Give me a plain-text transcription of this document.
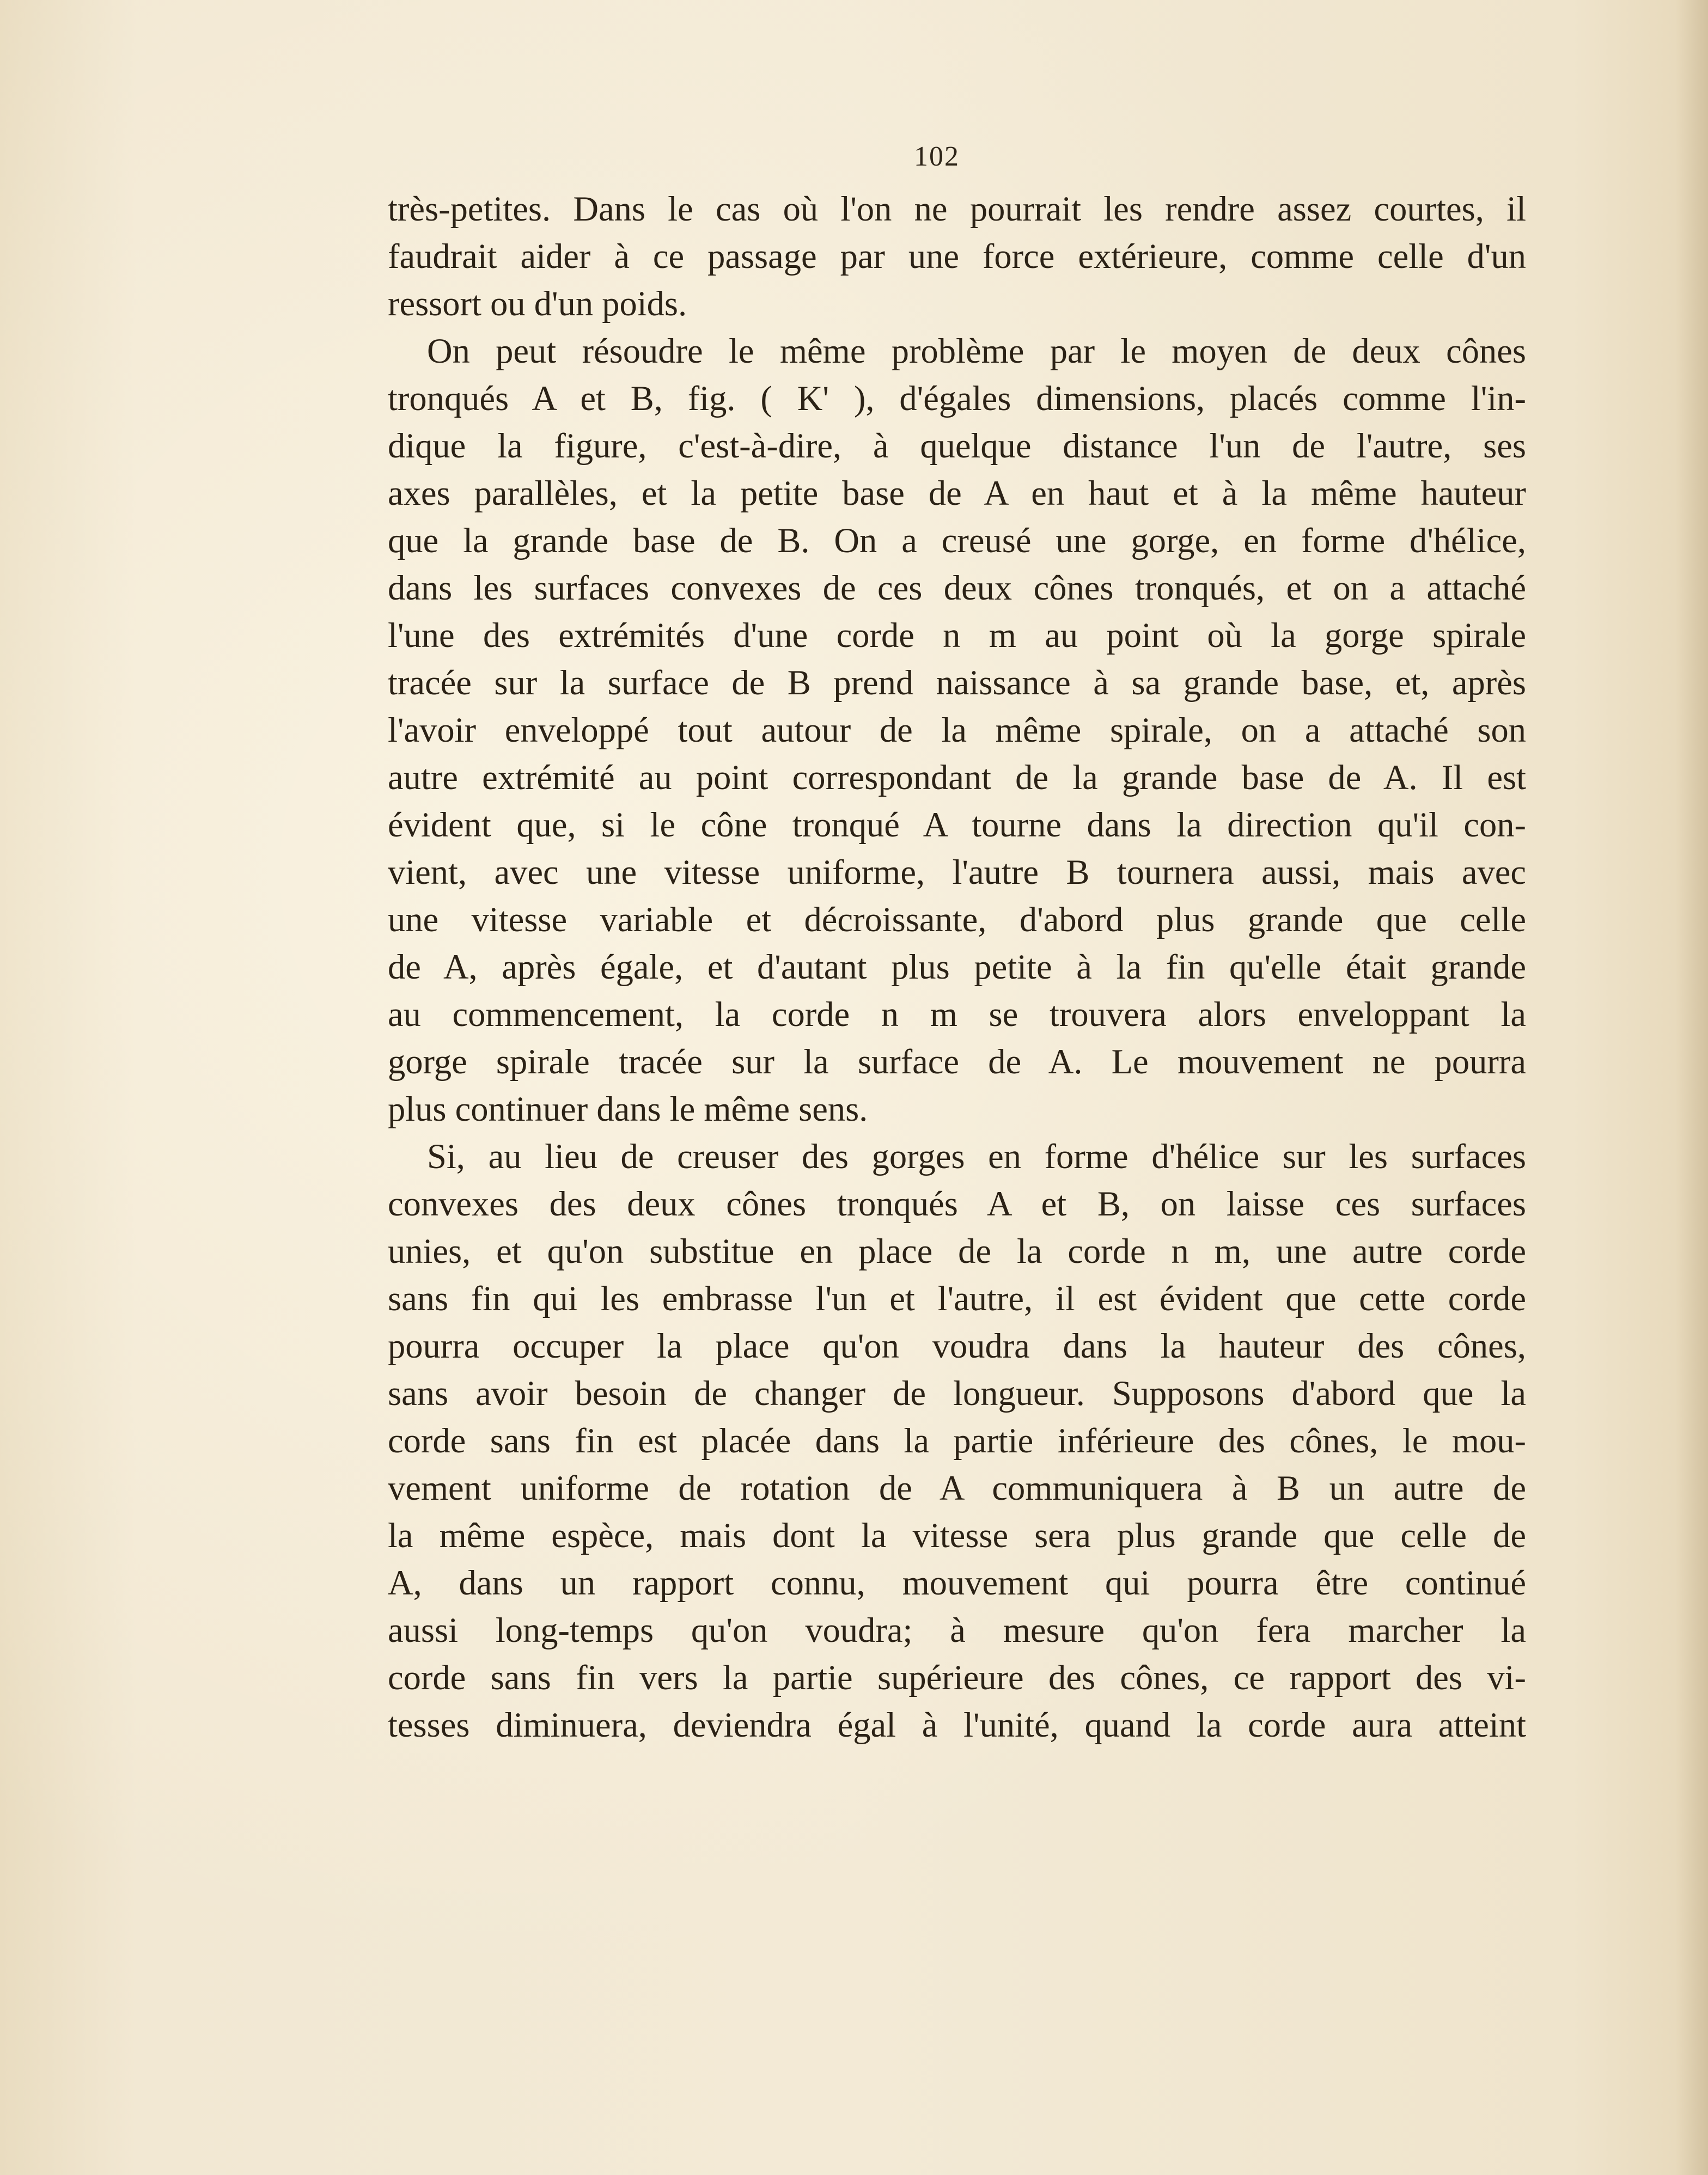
102
très-petites. Dans le cas où l'on ne pourrait les rendre assez courtes, il
faudrait aider à ce passage par une force extérieure, comme celle d'un
ressort ou d'un poids.
On peut résoudre le même problème par le moyen de deux cônes
tronqués A et B, fig. ( K' ), d'égales dimensions, placés comme l'in-
dique la figure, c'est-à-dire, à quelque distance l'un de l'autre, ses
axes parallèles, et la petite base de A en haut et à la même hauteur
que la grande base de B. On a creusé une gorge, en forme d'hélice,
dans les surfaces convexes de ces deux cônes tronqués, et on a attaché
l'une des extrémités d'une corde n m au point où la gorge spirale
tracée sur la surface de B prend naissance à sa grande base, et, après
l'avoir enveloppé tout autour de la même spirale, on a attaché son
autre extrémité au point correspondant de la grande base de A. Il est
évident que, si le cône tronqué A tourne dans la direction qu'il con-
vient, avec une vitesse uniforme, l'autre B tournera aussi, mais avec
une vitesse variable et décroissante, d'abord plus grande que celle
de A, après égale, et d'autant plus petite à la fin qu'elle était grande
au commencement, la corde n m se trouvera alors enveloppant la
gorge spirale tracée sur la surface de A. Le mouvement ne pourra
plus continuer dans le même sens.
Si, au lieu de creuser des gorges en forme d'hélice sur les surfaces
convexes des deux cônes tronqués A et B, on laisse ces surfaces
unies, et qu'on substitue en place de la corde n m, une autre corde
sans fin qui les embrasse l'un et l'autre, il est évident que cette corde
pourra occuper la place qu'on voudra dans la hauteur des cônes,
sans avoir besoin de changer de longueur. Supposons d'abord que la
corde sans fin est placée dans la partie inférieure des cônes, le mou-
vement uniforme de rotation de A communiquera à B un autre de
la même espèce, mais dont la vitesse sera plus grande que celle de
A, dans un rapport connu, mouvement qui pourra être continué
aussi long-temps qu'on voudra; à mesure qu'on fera marcher la
corde sans fin vers la partie supérieure des cônes, ce rapport des vi-
tesses diminuera, deviendra égal à l'unité, quand la corde aura atteint
